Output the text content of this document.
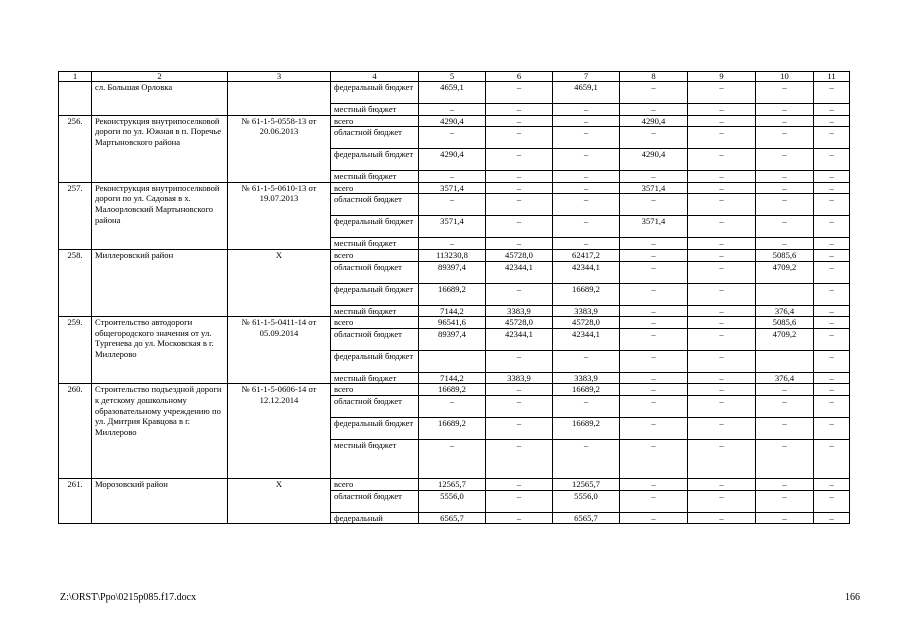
1	2	3	4	5	6	7	8	9	10	11
	сл. Большая Орловка		федеральный бюджет	4659,1	–	4659,1	–	–	–	–
			местный бюджет	–	–	–	–	–	–	–
256.	Реконструкция внутрипоселковой дороги по ул. Южная в п. Поречье Мартыновского района	№ 61-1-5-0558-13 от 20.06.2013	всего	4290,4	–	–	4290,4	–	–	–
			областной бюджет	–	–	–	–	–	–	–
			федеральный бюджет	4290,4	–	–	4290,4	–	–	–
			местный бюджет	–	–	–	–	–	–	–
257.	Реконструкция внутрипоселковой дороги по ул. Садовая в х. Малоорловский Мартыновского района	№ 61-1-5-0610-13 от 19.07.2013	всего	3571,4	–	–	3571,4	–	–	–
			областной бюджет	–	–	–	–	–	–	–
			федеральный бюджет	3571,4	–	–	3571,4	–	–	–
			местный бюджет	–	–	–	–	–	–	–
258.	Миллеровский район	Х	всего	113230,8	45728,0	62417,2	–	–	5085,6	–
			областной бюджет	89397,4	42344,1	42344,1	–	–	4709,2	–
			федеральный бюджет	16689,2	–	16689,2	–	–		–
			местный бюджет	7144,2	3383,9	3383,9	–	–	376,4	–
259.	Строительство автодороги общегородского значения от ул. Тургенева до ул. Московская в г. Миллерово	№ 61-1-5-0411-14 от 05.09.2014	всего	96541,6	45728,0	45728,0	–	–	5085,6	–
			областной бюджет	89397,4	42344,1	42344,1	–	–	4709,2	–
			федеральный бюджет		–	–	–	–		–
			местный бюджет	7144,2	3383,9	3383,9	–	–	376,4	–
260.	Строительство подъездной дороги к детскому дошкольному образовательному учреждению по ул. Дмитрия Кравцова в г. Миллерово	№ 61-1-5-0606-14 от 12.12.2014	всего	16689,2	–	16689,2	–	–	–	–
			областной бюджет	–	–	–	–	–	–	–
			федеральный бюджет	16689,2	–	16689,2	–	–	–	–
			местный бюджет	–	–	–	–	–	–	–
261.	Морозовский район	Х	всего	12565,7	–	12565,7	–	–	–	–
			областной бюджет	5556,0	–	5556,0	–	–	–	–
			федеральный	6565,7	–	6565,7	–	–	–	–
Z:\ORST\Ppo\0215p085.f17.docx	166
